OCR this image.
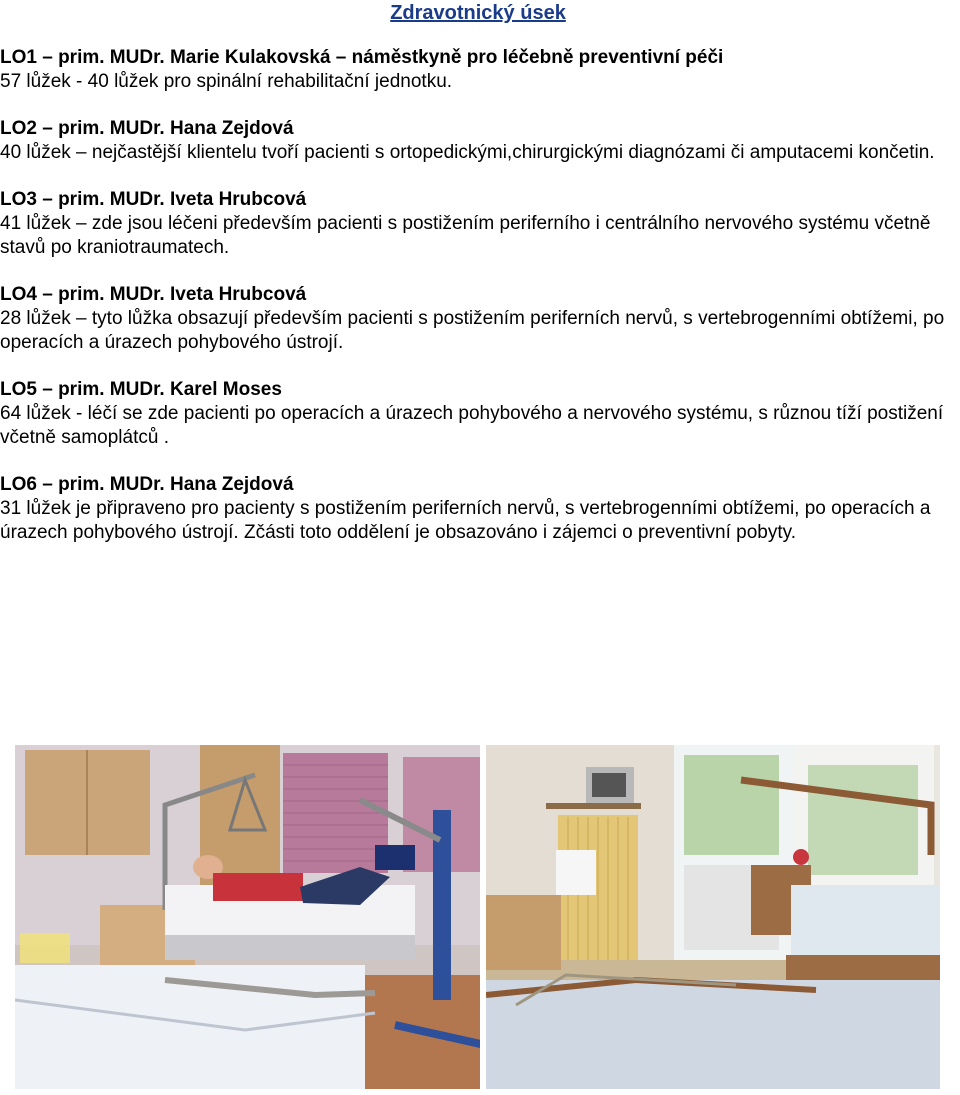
Zdravotnický úsek
LO1 – prim. MUDr. Marie Kulakovská – náměstkyně pro léčebně preventivní péči
57 lůžek - 40 lůžek pro spinální rehabilitační jednotku.
LO2 – prim. MUDr. Hana Zejdová
40 lůžek – nejčastější klientelu tvoří pacienti s ortopedickými,chirurgickými diagnózami či amputacemi končetin.
LO3 – prim. MUDr. Iveta Hrubcová
41 lůžek – zde jsou léčeni především pacienti s postižením periferního i centrálního nervového systému včetně stavů po kraniotraumatech.
LO4 – prim. MUDr. Iveta Hrubcová
28 lůžek – tyto lůžka obsazují především pacienti s postižením periferních nervů, s vertebrogenními obtížemi, po operacích a úrazech pohybového ústrojí.
LO5 – prim. MUDr. Karel Moses
64 lůžek - léčí se zde pacienti po operacích a úrazech pohybového a nervového systému, s různou tíží postižení včetně samoplátců .
LO6 – prim. MUDr. Hana Zejdová
31 lůžek je připraveno pro pacienty s postižením periferních nervů, s vertebrogenními obtížemi, po operacích a úrazech pohybového ústrojí. Zčásti toto oddělení je obsazováno i zájemci o preventivní pobyty.
